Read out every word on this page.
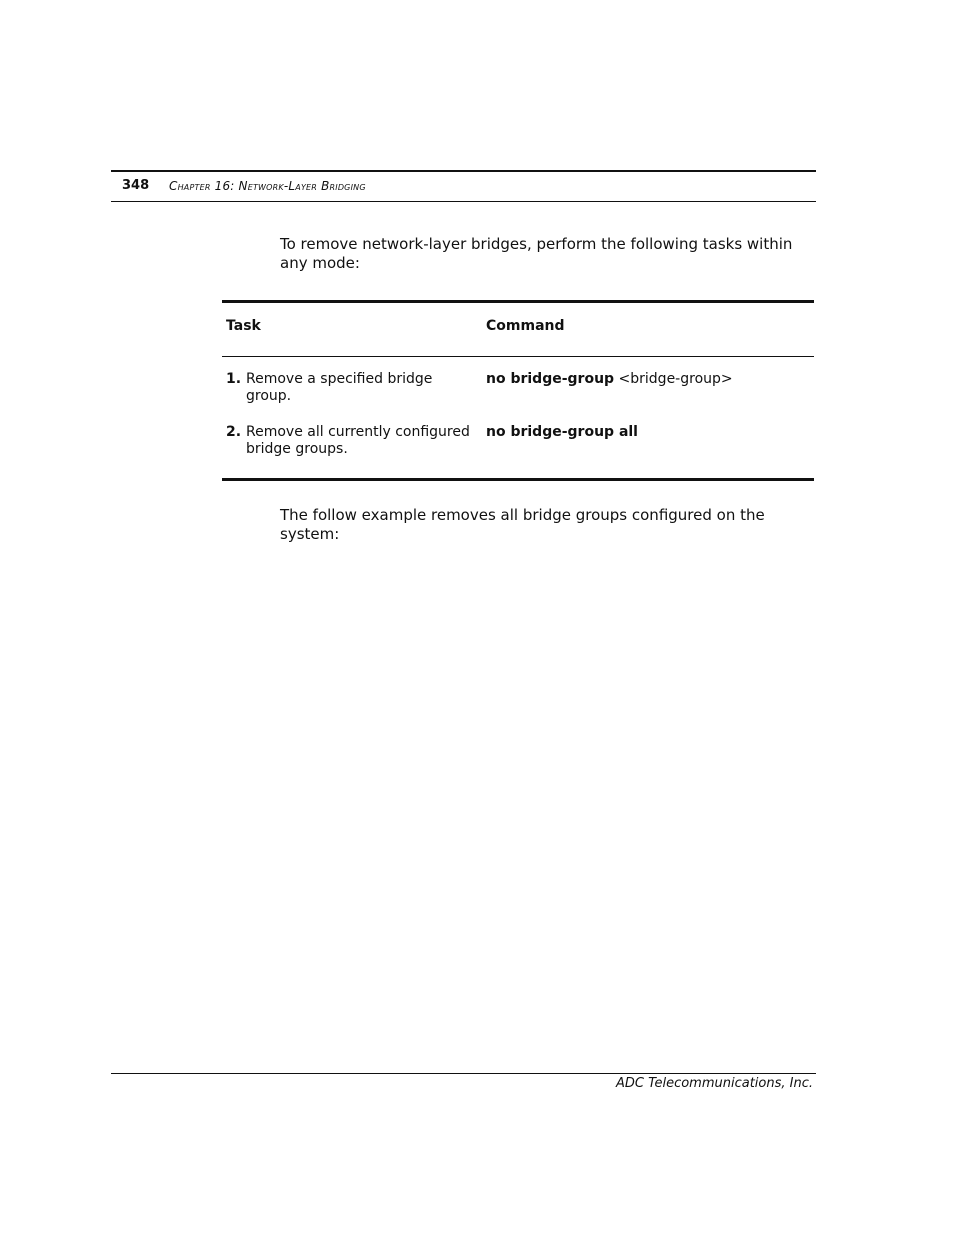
348 Chapter 16: Network-Layer Bridging

To remove network-layer bridges, perform the following tasks within any mode:

Task	Command
1. Remove a specified bridge group.
no bridge-group <bridge-group>
2. Remove all currently configured bridge groups.
no bridge-group all

The follow example removes all bridge groups configured on the system:

ADC Telecommunications, Inc.
